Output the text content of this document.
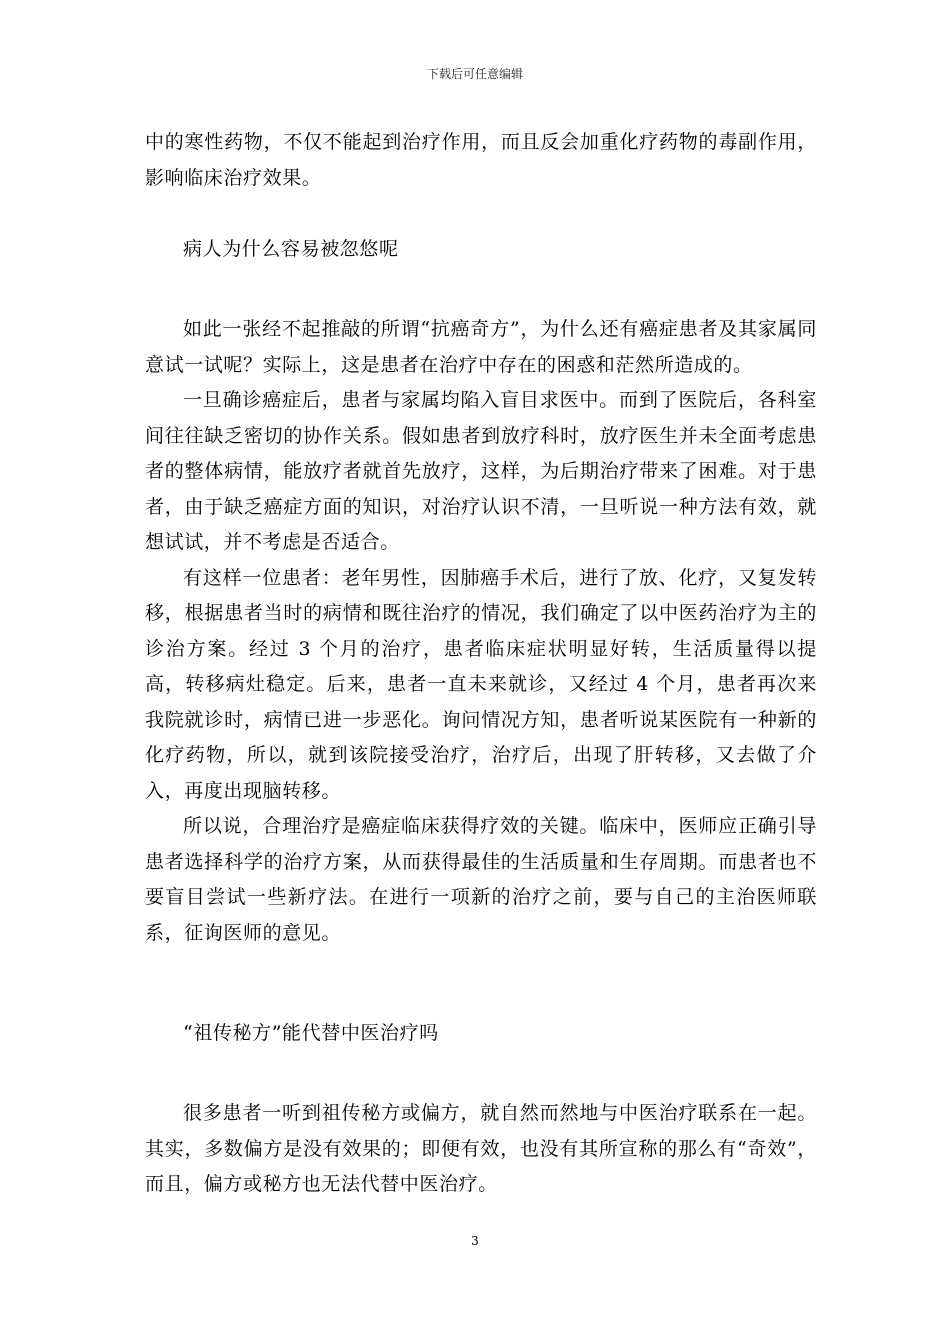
下载后可任意编辑

中的寒性药物，不仅不能起到治疗作用，而且反会加重化疗药物的毒副作用，影响临床治疗效果。

病人为什么容易被忽悠呢

如此一张经不起推敲的所谓“抗癌奇方”，为什么还有癌症患者及其家属同意试一试呢？实际上，这是患者在治疗中存在的困惑和茫然所造成的。

一旦确诊癌症后，患者与家属均陷入盲目求医中。而到了医院后，各科室间往往缺乏密切的协作关系。假如患者到放疗科时，放疗医生并未全面考虑患者的整体病情，能放疗者就首先放疗，这样，为后期治疗带来了困难。对于患者，由于缺乏癌症方面的知识，对治疗认识不清，一旦听说一种方法有效，就想试试，并不考虑是否适合。

有这样一位患者：老年男性，因肺癌手术后，进行了放、化疗，又复发转移，根据患者当时的病情和既往治疗的情况，我们确定了以中医药治疗为主的诊治方案。经过 3 个月的治疗，患者临床症状明显好转，生活质量得以提高，转移病灶稳定。后来，患者一直未来就诊，又经过 4 个月，患者再次来我院就诊时，病情已进一步恶化。询问情况方知，患者听说某医院有一种新的化疗药物，所以，就到该院接受治疗，治疗后，出现了肝转移，又去做了介入，再度出现脑转移。

所以说，合理治疗是癌症临床获得疗效的关键。临床中，医师应正确引导患者选择科学的治疗方案，从而获得最佳的生活质量和生存周期。而患者也不要盲目尝试一些新疗法。在进行一项新的治疗之前，要与自己的主治医师联系，征询医师的意见。

“祖传秘方”能代替中医治疗吗

很多患者一听到祖传秘方或偏方，就自然而然地与中医治疗联系在一起。其实，多数偏方是没有效果的；即便有效，也没有其所宣称的那么有“奇效”，而且，偏方或秘方也无法代替中医治疗。

3
